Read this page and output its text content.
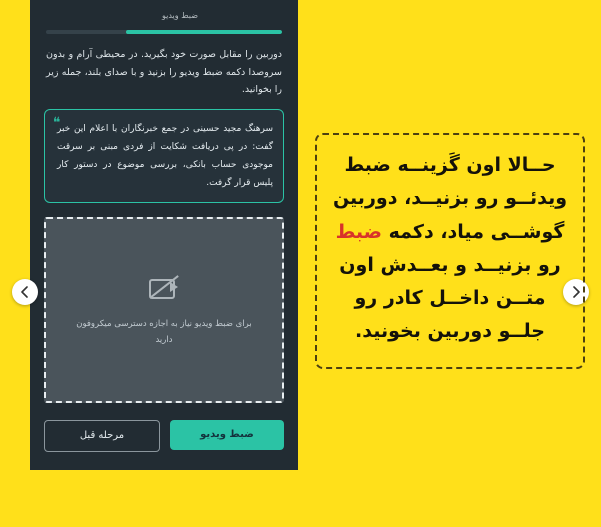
ضبط ویدیو
دوربین را مقابل صورت خود بگیرید. در محیطی آرام و بدون سروصدا دکمه ضبط ویدیو را بزنید و با صدای بلند، جمله زیر را بخوانید.
❝
سرهنگ مجید حسینی در جمع خبرنگاران با اعلام این خبر گفت: در پی دریافت شکایت از فردی مبنی بر سرقت موجودی حساب بانکی، بررسی موضوع در دستور کار پلیس قرار گرفت.
برای ضبط ویدیو نیاز به اجازه دسترسی میکروفون دارید
ضبط ویدیو
مرحله قبل
حــالا اون گَزینــه ضبط ویدئــو رو بزنیــد، دوربین گوشــی میاد، دکمه ضبط رو بزنیــد و بعــدش اون متــن داخــل کادر رو جلــو دوربین بخونید.
